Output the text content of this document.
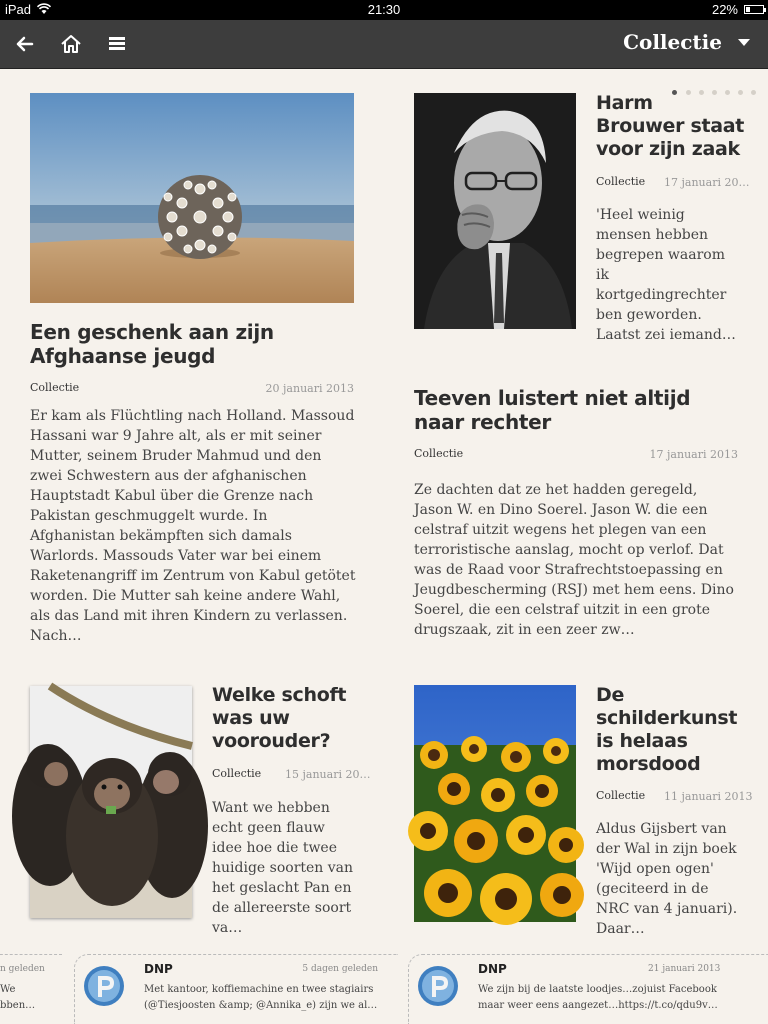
iPad	21:30	22%
Collectie

Een geschenk aan zijn Afghaanse jeugd
Collectie	20 januari 2013
Er kam als Flüchtling nach Holland. Massoud Hassani war 9 Jahre alt, als er mit seiner Mutter, seinem Bruder Mahmud und den zwei Schwestern aus der afghanischen Hauptstadt Kabul über die Grenze nach Pakistan geschmuggelt wurde. In Afghanistan bekämpften sich damals Warlords. Massouds Vater war bei einem Raketenangriff im Zentrum von Kabul getötet worden. Die Mutter sah keine andere Wahl, als das Land mit ihren Kindern zu verlassen. Nach…
Harm Brouwer staat voor zijn zaak
Collectie 17 januari 20…
'Heel weinig mensen hebben begrepen waarom ik kortgedingrechter ben geworden. Laatst zei iemand…
Teeven luistert niet altijd naar rechter
Collectie	17 januari 2013
Ze dachten dat ze het hadden geregeld, Jason W. en Dino Soerel. Jason W. die een celstraf uitzit wegens het plegen van een terroristische aanslag, mocht op verlof. Dat was de Raad voor Strafrechtstoepassing en Jeugdbescherming (RSJ) met hem eens. Dino Soerel, die een celstraf uitzit in een grote drugszaak, zit in een zeer zw…
Welke schoft was uw voorouder?
Collectie 15 januari 20…
Want we hebben echt geen flauw idee hoe die twee huidige soorten van het geslacht Pan en de allereerste soort va…
De schilderkunst is helaas morsdood
Collectie 11 januari 2013
Aldus Gijsbert van der Wal in zijn boek 'Wijd open ogen' (geciteerd in de NRC van 4 januari). Daar…
n geleden
We
bben…
DNP	5 dagen geleden
Met kantoor, koffiemachine en twee stagiairs
(@Tiesjoosten &amp; @Annika_e) zijn we al…
DNP	21 januari 2013
We zijn bij de laatste loodjes…zojuist Facebook
maar weer eens aangezet…https://t.co/qdu9v…
